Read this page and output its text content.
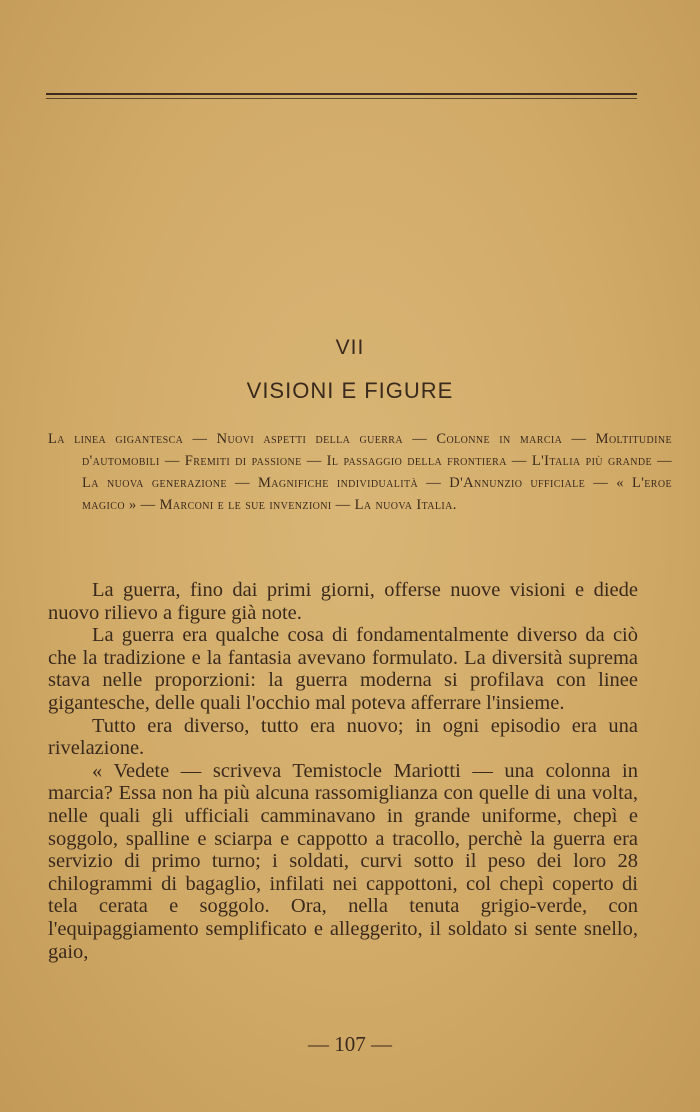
VII
VISIONI E FIGURE
La linea gigantesca — Nuovi aspetti della guerra — Colonne in marcia — Moltitudine d'automobili — Fremiti di passione — Il passaggio della frontiera — L'Italia più grande — La nuova generazione — Magnifiche individualità — D'Annunzio ufficiale — « L'eroe magico » — Marconi e le sue invenzioni — La nuova Italia.

La guerra, fino dai primi giorni, offerse nuove visioni e diede nuovo rilievo a figure già note.

La guerra era qualche cosa di fondamentalmente diverso da ciò che la tradizione e la fantasia avevano formulato. La diversità suprema stava nelle proporzioni: la guerra moderna si profilava con linee gigantesche, delle quali l'occhio mal poteva afferrare l'insieme.

Tutto era diverso, tutto era nuovo; in ogni episodio era una rivelazione.

« Vedete — scriveva Temistocle Mariotti — una colonna in marcia? Essa non ha più alcuna rassomiglianza con quelle di una volta, nelle quali gli ufficiali camminavano in grande uniforme, chepì e soggolo, spalline e sciarpa e cappotto a tracollo, perchè la guerra era servizio di primo turno; i soldati, curvi sotto il peso dei loro 28 chilogrammi di bagaglio, infilati nei cappottoni, col chepì coperto di tela cerata e soggolo. Ora, nella tenuta grigio-verde, con l'equipaggiamento semplificato e alleggerito, il soldato si sente snello, gaio,

— 107 —
